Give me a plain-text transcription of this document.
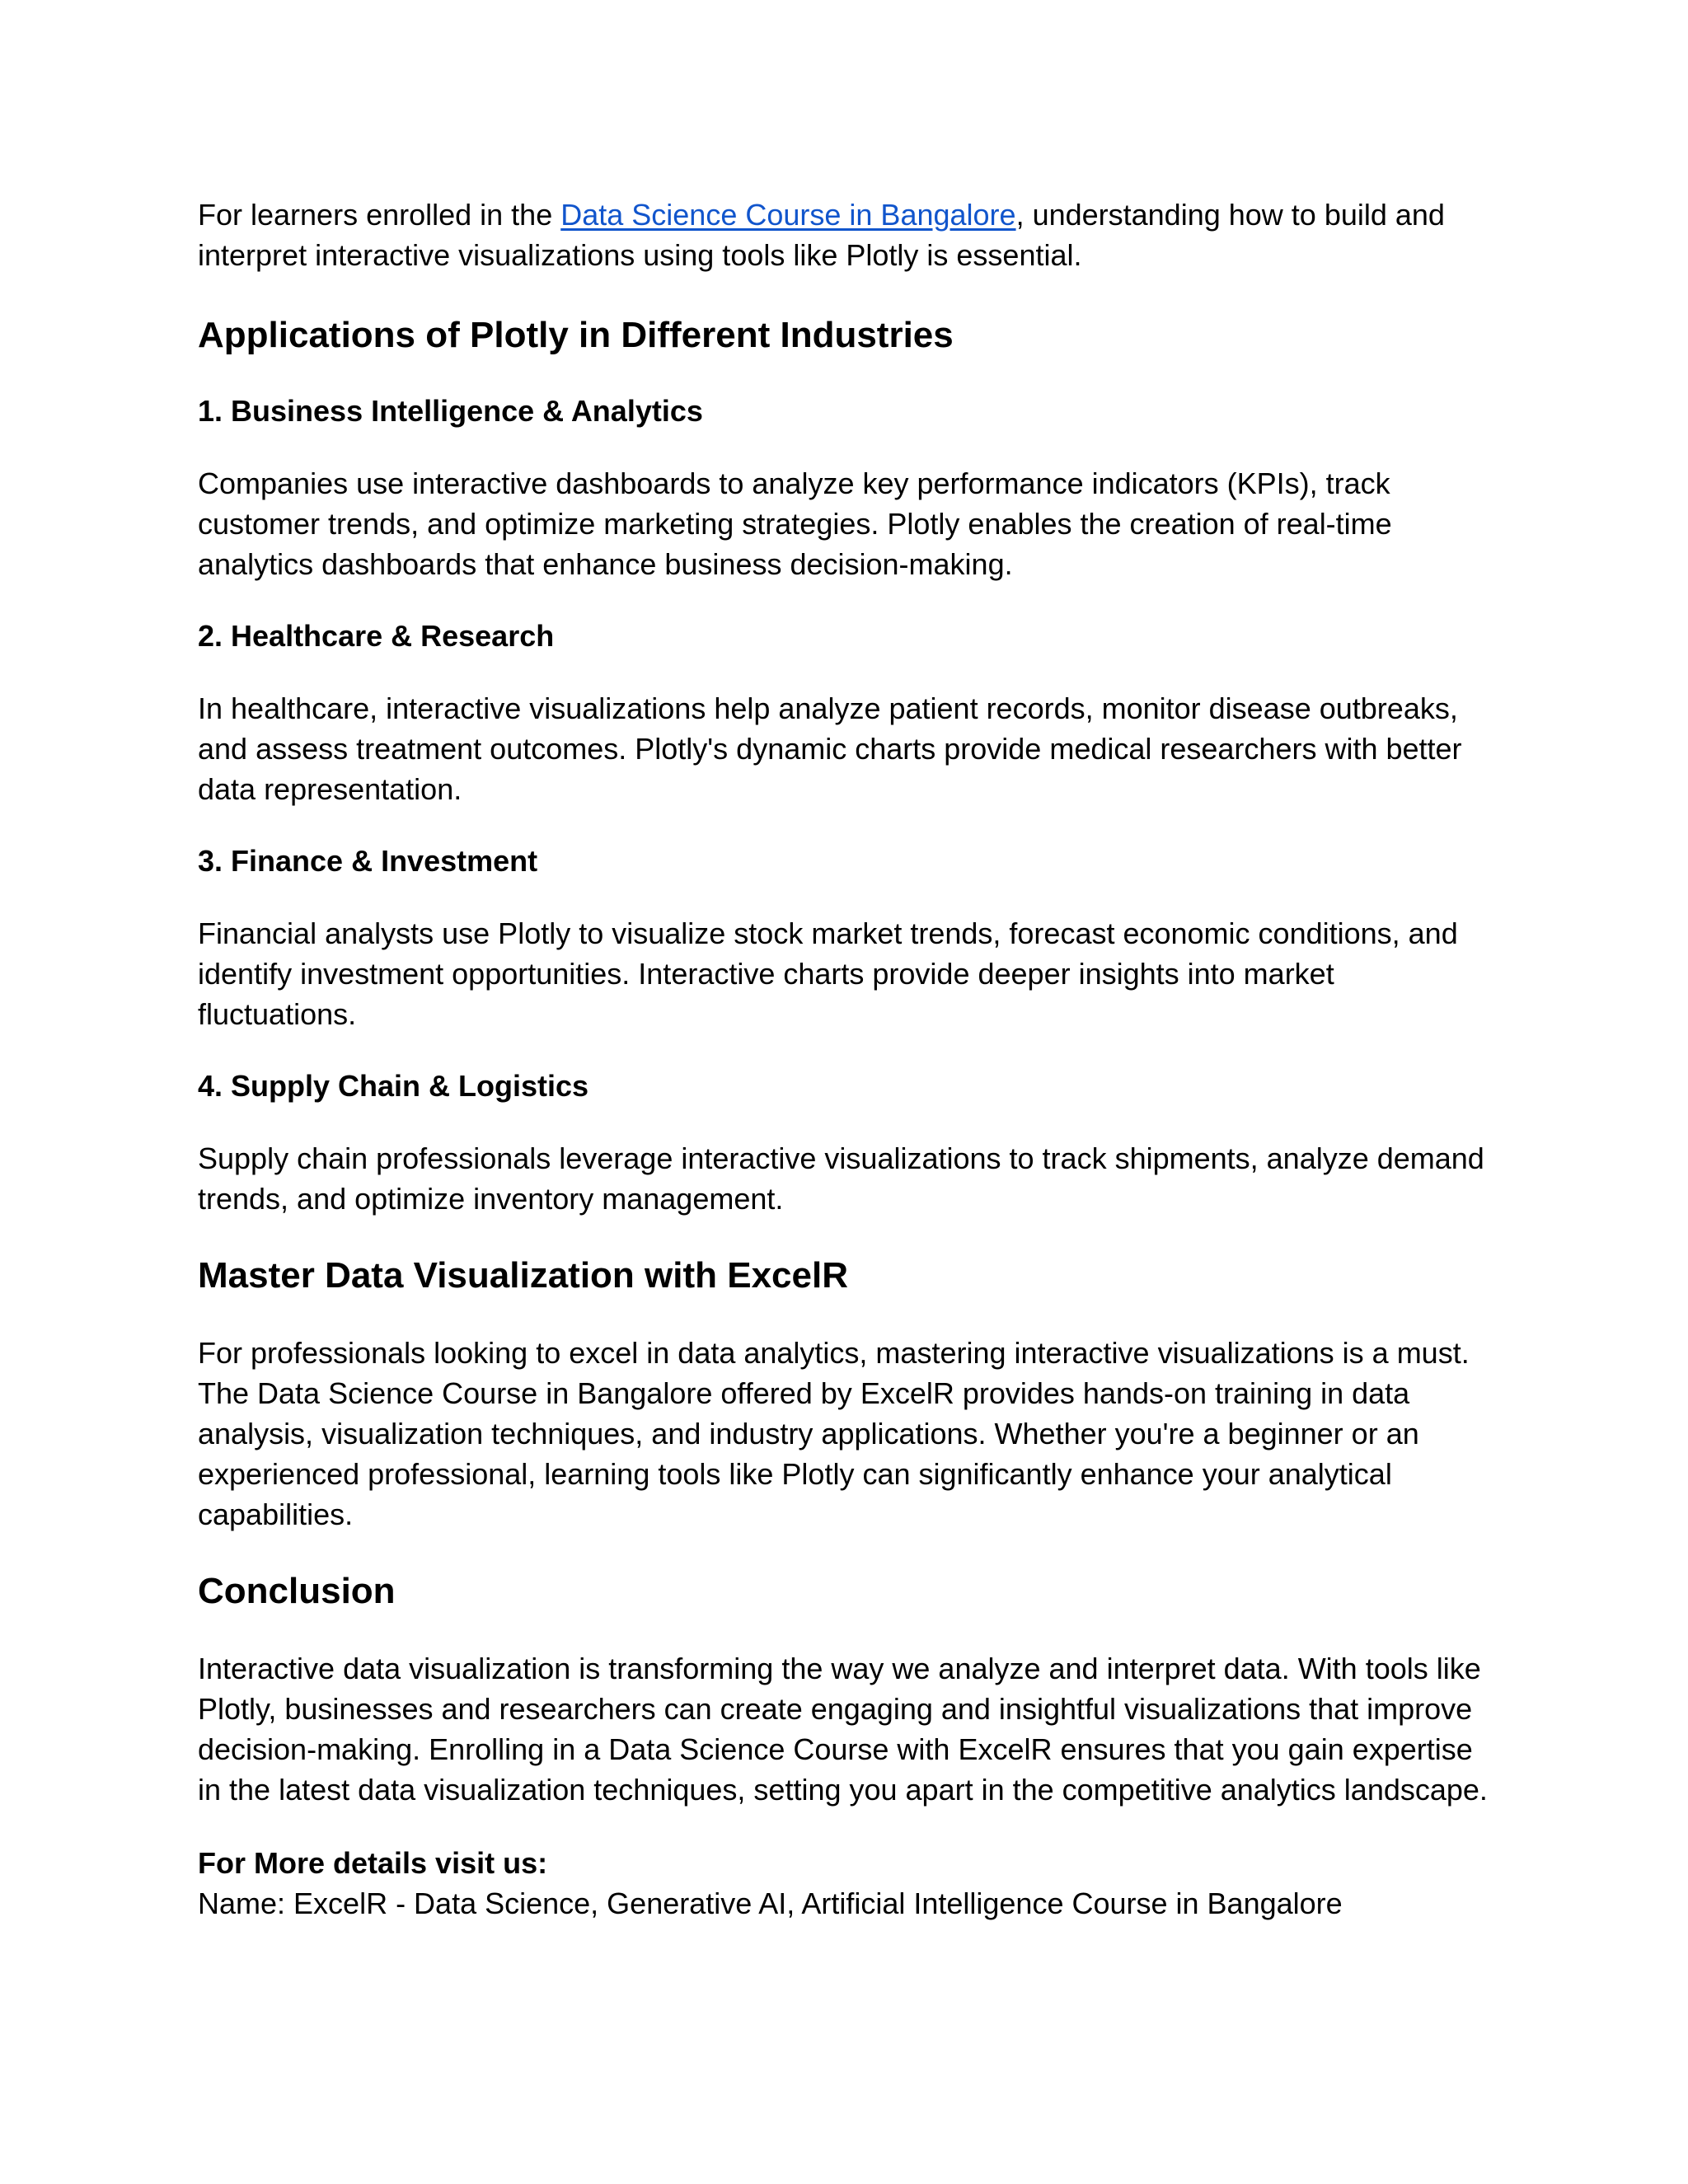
For learners enrolled in the Data Science Course in Bangalore, understanding how to build and interpret interactive visualizations using tools like Plotly is essential.

Applications of Plotly in Different Industries
1. Business Intelligence & Analytics

Companies use interactive dashboards to analyze key performance indicators (KPIs), track customer trends, and optimize marketing strategies. Plotly enables the creation of real-time analytics dashboards that enhance business decision-making.

2. Healthcare & Research

In healthcare, interactive visualizations help analyze patient records, monitor disease outbreaks, and assess treatment outcomes. Plotly's dynamic charts provide medical researchers with better data representation.

3. Finance & Investment

Financial analysts use Plotly to visualize stock market trends, forecast economic conditions, and identify investment opportunities. Interactive charts provide deeper insights into market fluctuations.

4. Supply Chain & Logistics

Supply chain professionals leverage interactive visualizations to track shipments, analyze demand trends, and optimize inventory management.

Master Data Visualization with ExcelR

For professionals looking to excel in data analytics, mastering interactive visualizations is a must. The Data Science Course in Bangalore offered by ExcelR provides hands-on training in data analysis, visualization techniques, and industry applications. Whether you're a beginner or an experienced professional, learning tools like Plotly can significantly enhance your analytical capabilities.

Conclusion

Interactive data visualization is transforming the way we analyze and interpret data. With tools like Plotly, businesses and researchers can create engaging and insightful visualizations that improve decision-making. Enrolling in a Data Science Course with ExcelR ensures that you gain expertise in the latest data visualization techniques, setting you apart in the competitive analytics landscape.

For More details visit us:

Name: ExcelR - Data Science, Generative AI, Artificial Intelligence Course in Bangalore
